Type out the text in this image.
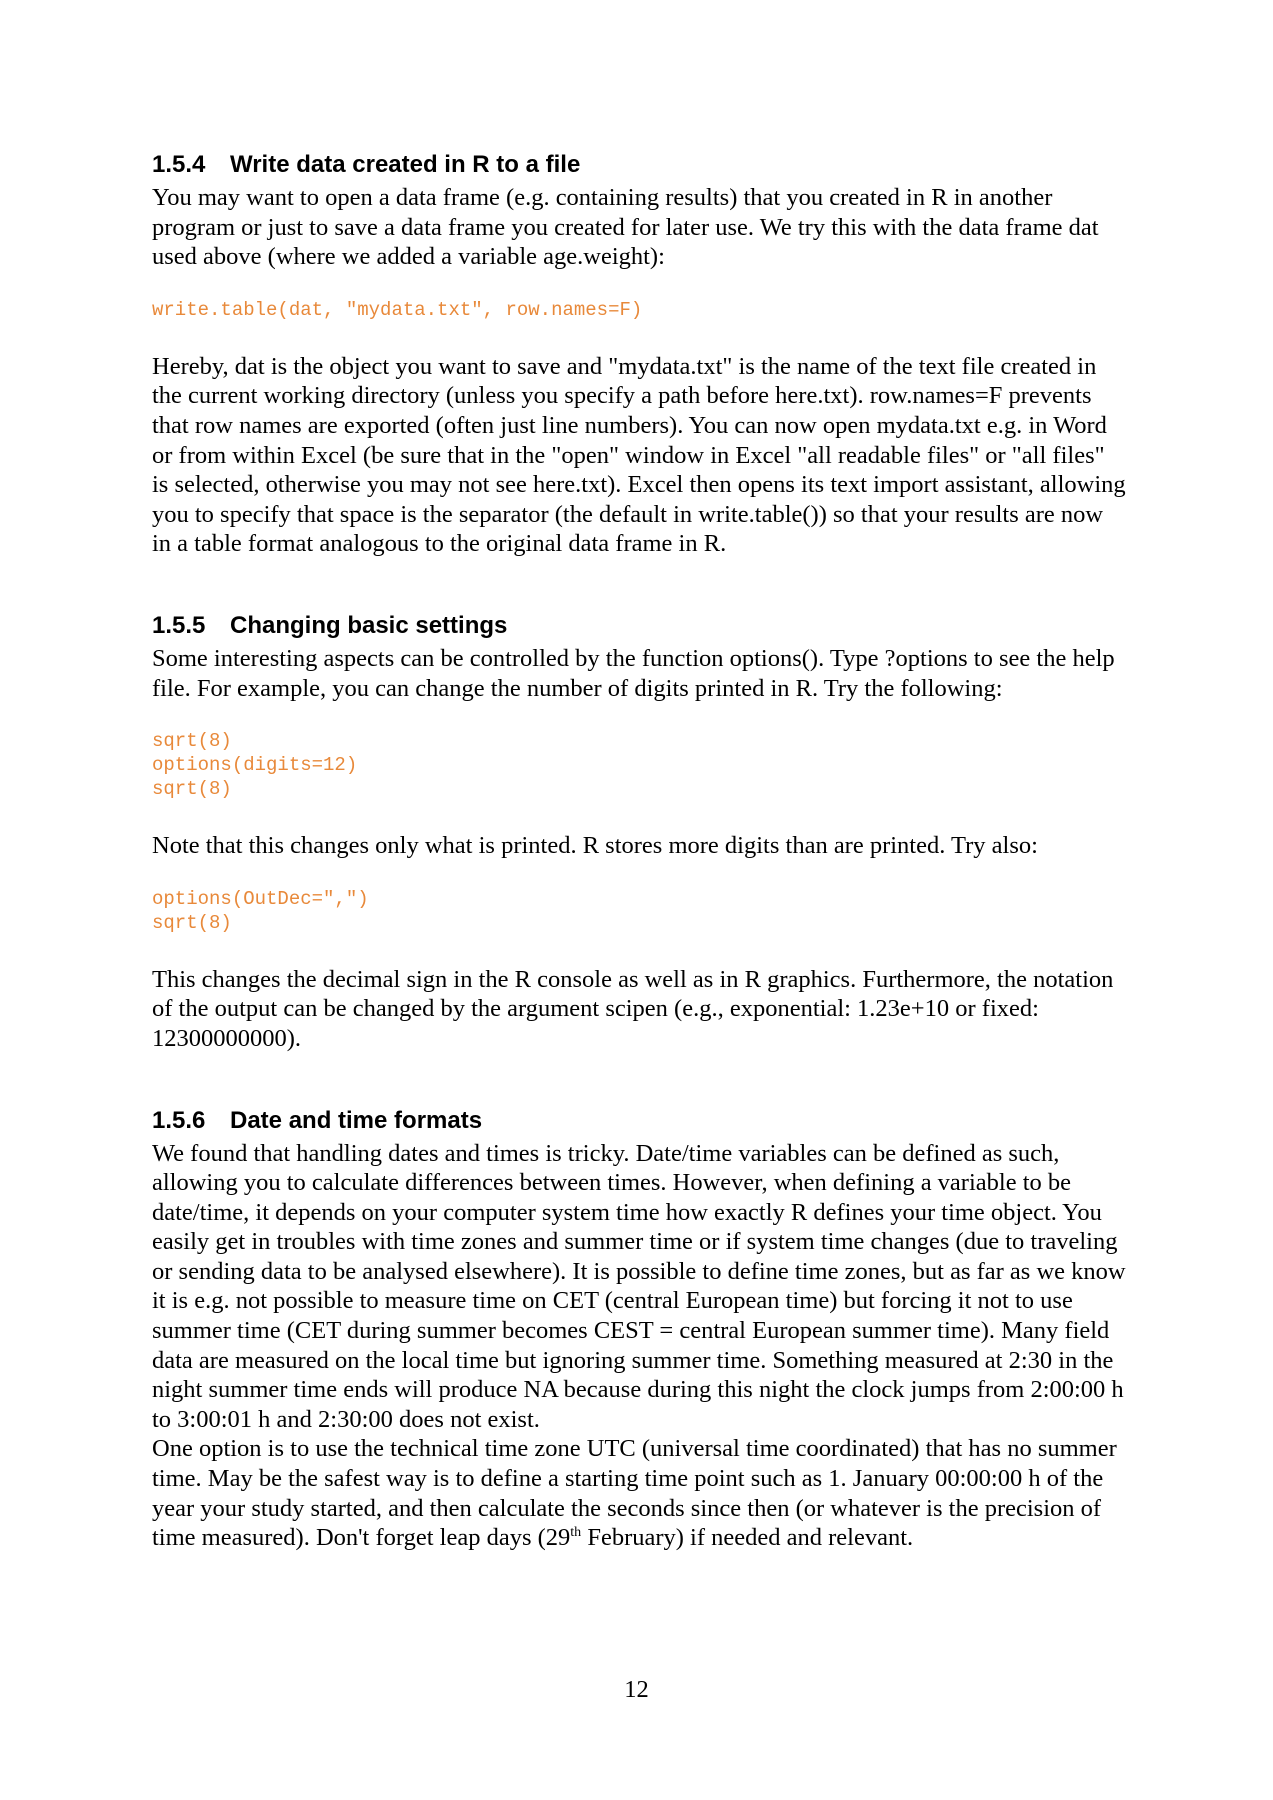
1.5.4 Write data created in R to a file

You may want to open a data frame (e.g. containing results) that you created in R in another program or just to save a data frame you created for later use. We try this with the data frame dat used above (where we added a variable age.weight):

write.table(dat, "mydata.txt", row.names=F)

Hereby, dat is the object you want to save and "mydata.txt" is the name of the text file created in the current working directory (unless you specify a path before here.txt). row.names=F prevents that row names are exported (often just line numbers). You can now open mydata.txt e.g. in Word or from within Excel (be sure that in the "open" window in Excel "all readable files" or "all files" is selected, otherwise you may not see here.txt). Excel then opens its text import assistant, allowing you to specify that space is the separator (the default in write.table()) so that your results are now in a table format analogous to the original data frame in R.

1.5.5 Changing basic settings

Some interesting aspects can be controlled by the function options(). Type ?options to see the help file. For example, you can change the number of digits printed in R. Try the following:

sqrt(8)
options(digits=12)
sqrt(8)

Note that this changes only what is printed. R stores more digits than are printed. Try also:

options(OutDec=",")
sqrt(8)

This changes the decimal sign in the R console as well as in R graphics. Furthermore, the notation of the output can be changed by the argument scipen (e.g., exponential: 1.23e+10 or fixed: 12300000000).

1.5.6 Date and time formats

We found that handling dates and times is tricky. Date/time variables can be defined as such, allowing you to calculate differences between times. However, when defining a variable to be date/time, it depends on your computer system time how exactly R defines your time object. You easily get in troubles with time zones and summer time or if system time changes (due to traveling or sending data to be analysed elsewhere). It is possible to define time zones, but as far as we know it is e.g. not possible to measure time on CET (central European time) but forcing it not to use summer time (CET during summer becomes CEST = central European summer time). Many field data are measured on the local time but ignoring summer time. Something measured at 2:30 in the night summer time ends will produce NA because during this night the clock jumps from 2:00:00 h to 3:00:01 h and 2:30:00 does not exist.

One option is to use the technical time zone UTC (universal time coordinated) that has no summer time. May be the safest way is to define a starting time point such as 1. January 00:00:00 h of the year your study started, and then calculate the seconds since then (or whatever is the precision of time measured). Don't forget leap days (29th February) if needed and relevant.

12
